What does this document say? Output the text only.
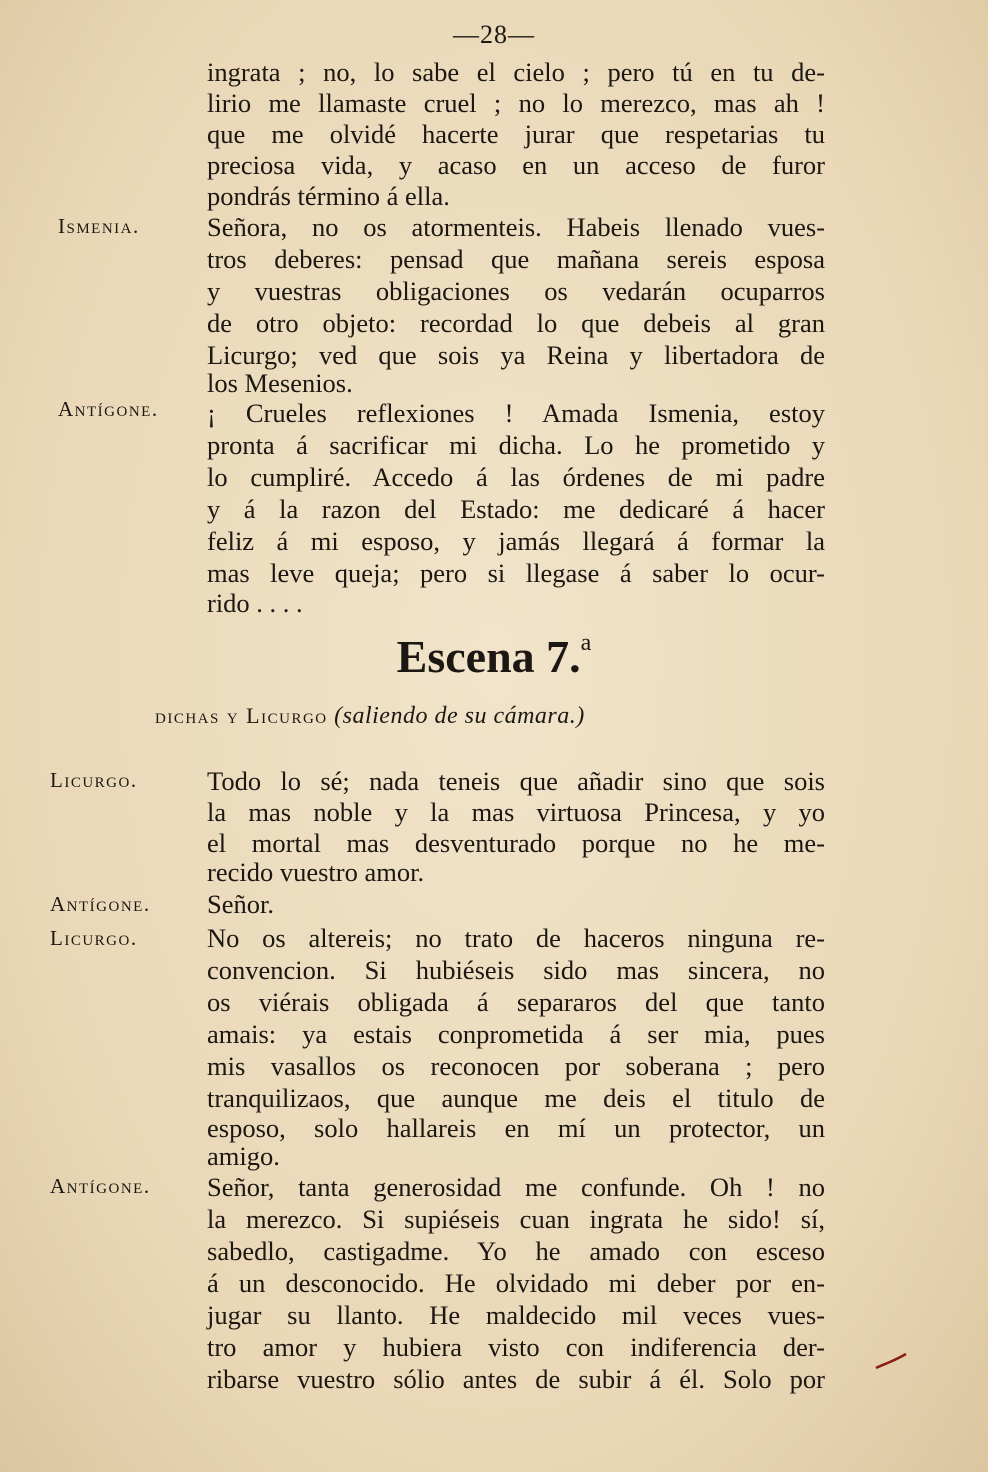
—28—
ingrata ; no, lo sabe el cielo ; pero tú en tu de-
lirio me llamaste cruel ; no lo merezco, mas ah !
que me olvidé hacerte jurar que respetarias tu
preciosa vida, y acaso en un acceso de furor
pondrás término á ella.
Ismenia.	Señora, no os atormenteis. Habeis llenado vues-
tros deberes: pensad que mañana sereis esposa
y vuestras obligaciones os vedarán ocuparros
de otro objeto: recordad lo que debeis al gran
Licurgo; ved que sois ya Reina y libertadora de
los Mesenios.
Antígone. ¡ Crueles reflexiones ! Amada Ismenia, estoy
pronta á sacrificar mi dicha. Lo he prometido y
lo cumpliré. Accedo á las órdenes de mi padre
y á la razon del Estado: me dedicaré á hacer
feliz á mi esposo, y jamás llegará á formar la
mas leve queja; pero si llegase á saber lo ocur-
rido . . . .
Escena 7.$^a$
dichas y Licurgo (saliendo de su cámara.)
Licurgo.	Todo lo sé; nada teneis que añadir sino que sois
la mas noble y la mas virtuosa Princesa, y yo
el mortal mas desventurado porque no he me-
recido vuestro amor.
Antígone. Señor.
Licurgo.	No os altereis; no trato de haceros ninguna re-
convencion. Si hubiéseis sido mas sincera, no
os viérais obligada á separaros del que tanto
amais: ya estais conprometida á ser mia, pues
mis vasallos os reconocen por soberana ; pero
tranquilizaos, que aunque me deis el titulo de
esposo, solo hallareis en mí un protector, un
amigo.
Antígone. Señor, tanta generosidad me confunde. Oh ! no
la merezco. Si supiéseis cuan ingrata he sido! sí,
sabedlo, castigadme. Yo he amado con esceso
á un desconocido. He olvidado mi deber por en-
jugar su llanto. He maldecido mil veces vues-
tro amor y hubiera visto con indiferencia der-
ribarse vuestro sólio antes de subir á él. Solo por
